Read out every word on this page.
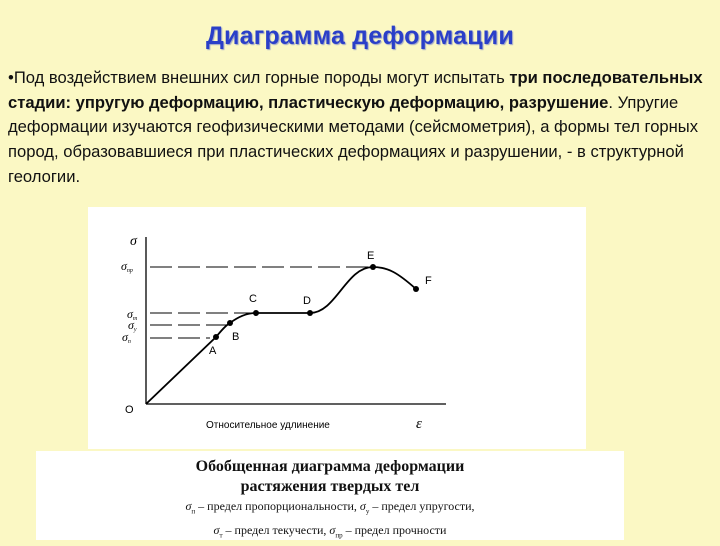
Диаграмма деформации
•Под воздействием внешних сил горные породы могут испытать три последовательных стадии: упругую деформацию, пластическую деформацию, разрушение. Упругие деформации изучаются геофизическими методами (сейсмометрия), а формы тел горных пород, образовавшиеся при пластических деформациях и разрушении, - в структурной геологии.
A
B
C	D
E
F
σ
ε
О
Относительное удлинение
σпр
σт
σу
σп
Обобщенная диаграмма деформации
растяжения твердых тел
$\sigma_п$ – предел пропорциональности, $\sigma_у$ – предел упругости,
$\sigma_т$ – предел текучести, $\sigma_{пр}$ – предел прочности
